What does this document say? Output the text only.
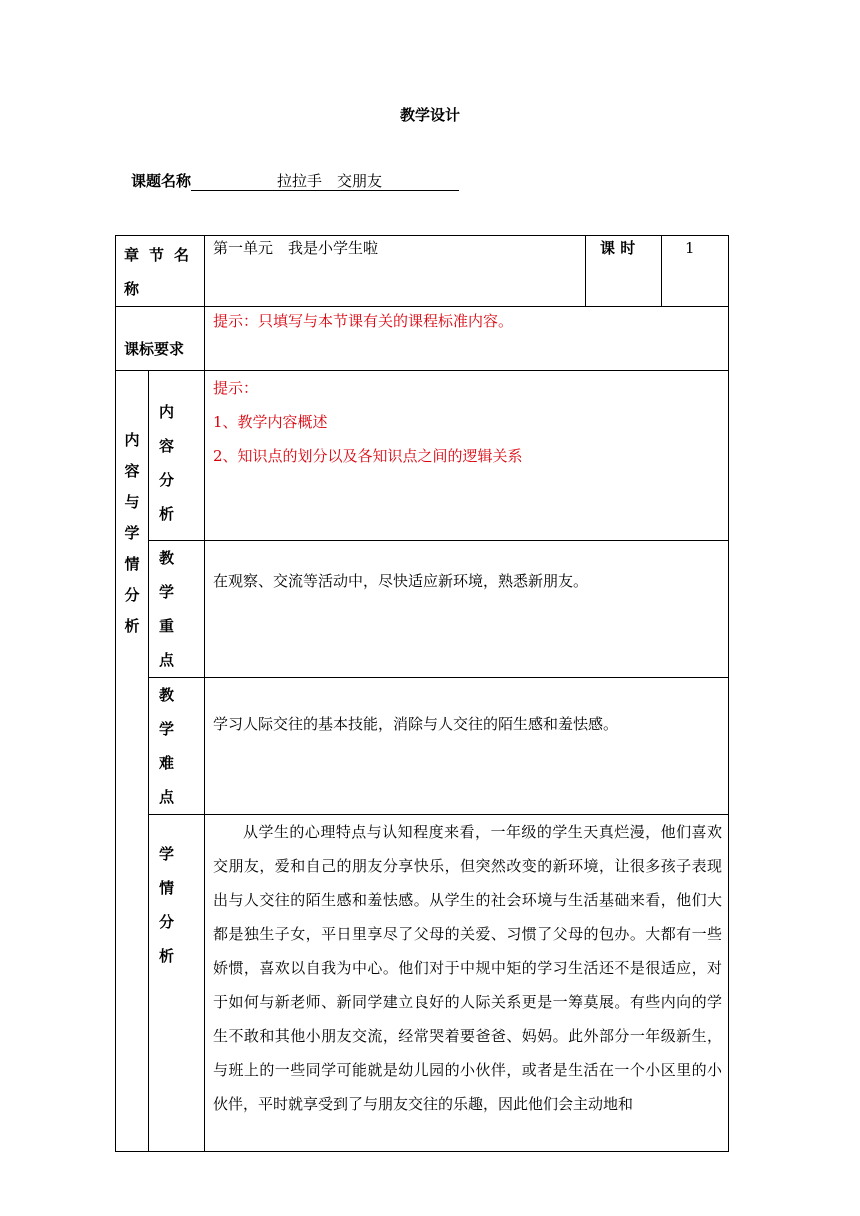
教学设计
课题名称	拉拉手　交朋友
章节名称		第一单元　我是小学生啦	课 时	1

课标要求		提示：只填写与本节课有关的课程标准内容。		

内容与学情分析	内容分析	提示：
1、教学内容概述
2、知识点的划分以及各知识点之间的逻辑关系		

	教学重点	在观察、交流等活动中，尽快适应新环境，熟悉新朋友。		

	教学难点	学习人际交往的基本技能，消除与人交往的陌生感和羞怯感。		

	学情分析	从学生的心理特点与认知程度来看，一年级的学生天真烂漫，他们喜欢交朋友，爱和自己的朋友分享快乐，但突然改变的新环境，让很多孩子表现出与人交往的陌生感和羞怯感。从学生的社会环境与生活基础来看，他们大都是独生子女，平日里享尽了父母的关爱、习惯了父母的包办。大都有一些娇惯，喜欢以自我为中心。他们对于中规中矩的学习生活还不是很适应，对于如何与新老师、新同学建立良好的人际关系更是一筹莫展。有些内向的学生不敢和其他小朋友交流，经常哭着要爸爸、妈妈。此外部分一年级新生，与班上的一些同学可能就是幼儿园的小伙伴，或者是生活在一个小区里的小伙伴，平时就享受到了与朋友交往的乐趣，因此他们会主动地和		
